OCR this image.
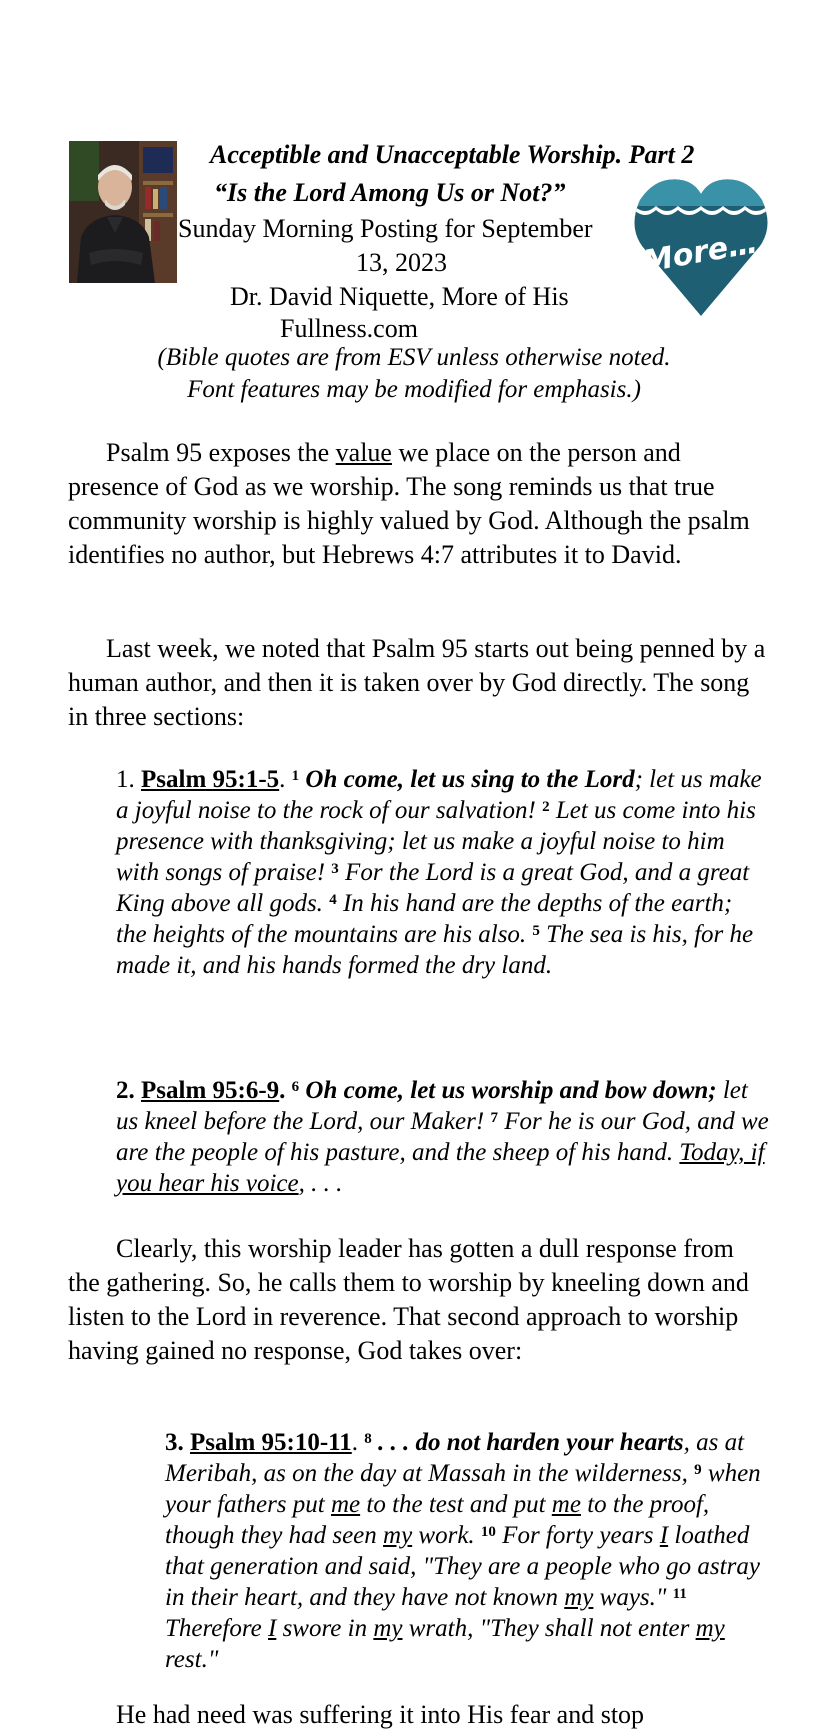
More…
Acceptible and Unacceptable Worship. Part 2
“Is the Lord Among Us or Not?”
Sunday Morning Posting for September
13, 2023
Dr. David Niquette, More of His
Fullness.com
(Bible quotes are from ESV unless otherwise noted.
Font features may be modified for emphasis.)

Psalm 95 exposes the value we place on the person and presence of God as we worship. The song reminds us that true community worship is highly valued by God. Although the psalm identifies no author, but Hebrews 4:7 attributes it to David.

Last week, we noted that Psalm 95 starts out being penned by a human author, and then it is taken over by God directly. The song in three sections:

1. Psalm 95:1-5. $^1$ Oh come, let us sing to the Lord; let us make a joyful noise to the rock of our salvation! $^2$ Let us come into his presence with thanksgiving; let us make a joyful noise to him with songs of praise! $^3$ For the Lord is a great God, and a great King above all gods. $^4$ In his hand are the depths of the earth; the heights of the mountains are his also. $^5$ The sea is his, for he made it, and his hands formed the dry land.
2. Psalm 95:6-9. $^6$ Oh come, let us worship and bow down; let us kneel before the Lord, our Maker! $^7$ For he is our God, and we are the people of his pasture, and the sheep of his hand. Today, if you hear his voice, . . .

Clearly, this worship leader has gotten a dull response from the gathering. So, he calls them to worship by kneeling down and listen to the Lord in reverence. That second approach to worship having gained no response, God takes over:

3. Psalm 95:10-11. $^8$ . . . do not harden your hearts, as at Meribah, as on the day at Massah in the wilderness, $^9$ when your fathers put me to the test and put me to the proof, though they had seen my work. $^{10}$ For forty years I loathed that generation and said, "They are a people who go astray in their heart, and they have not known my ways." $^{11}$ Therefore I swore in my wrath, "They shall not enter my rest."
He had need was suffering it into His fear and stop
